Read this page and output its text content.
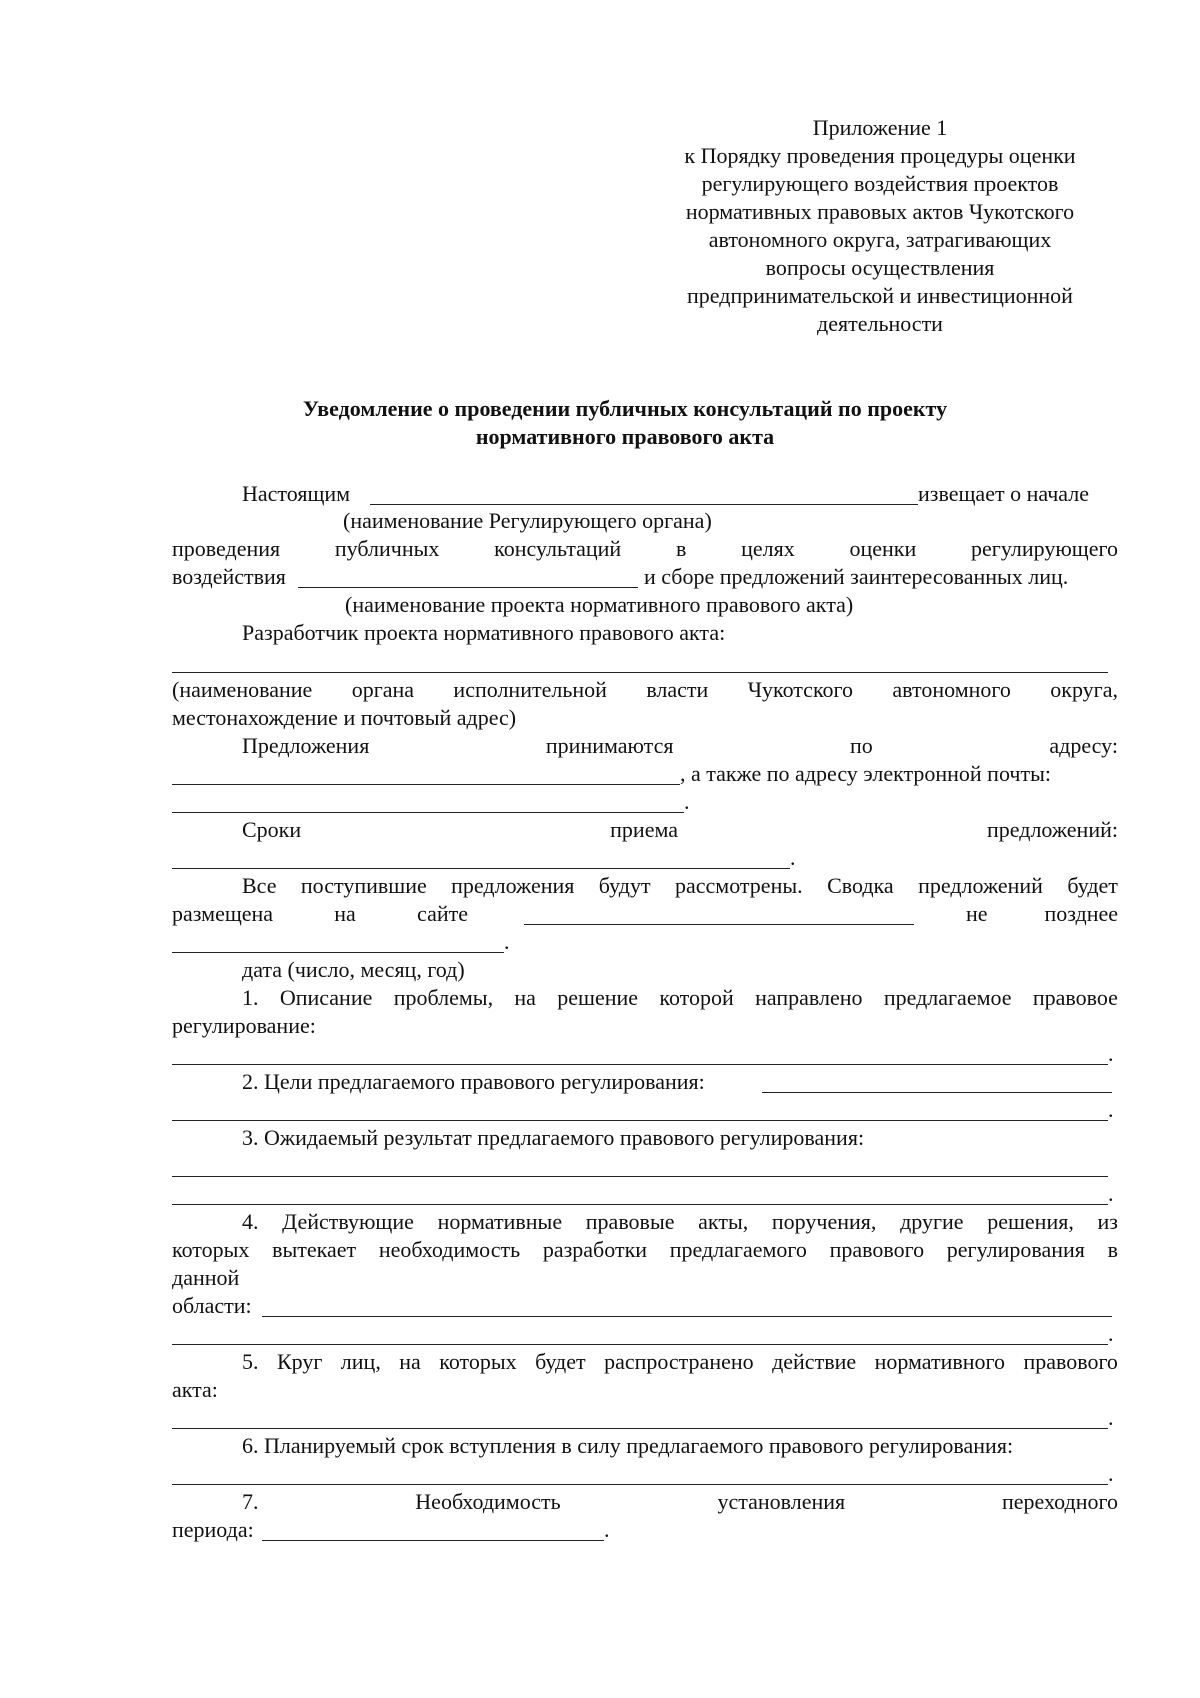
Приложение 1
к Порядку проведения процедуры оценки
регулирующего воздействия проектов
нормативных правовых актов Чукотского
автономного округа, затрагивающих
вопросы осуществления
предпринимательской и инвестиционной
деятельности
Уведомление о проведении публичных консультаций по проекту
нормативного правового акта
Настоящим	извещает о начале
(наименование Регулирующего органа)
проведения публичных консультаций в целях оценки регулирующего
воздействия	и сборе предложений заинтересованных лиц.
(наименование проекта нормативного правового акта)
Разработчик проекта нормативного правового акта:
(наименование органа исполнительной власти Чукотского автономного округа,
местонахождение и почтовый адрес)
Предложения	принимаются	по	адресу:
, а также по адресу электронной почты:
.
Сроки	приема	предложений:
.
Все поступившие предложения будут рассмотрены. Сводка предложений будет
размещена	на	сайте	не	позднее
.
дата (число, месяц, год)
1. Описание проблемы, на решение которой направлено предлагаемое правовое
регулирование:
.
2. Цели предлагаемого правового регулирования:
.
3. Ожидаемый результат предлагаемого правового регулирования:
.
4. Действующие нормативные правовые акты, поручения, другие решения, из
которых вытекает необходимость разработки предлагаемого правового регулирования в
данной
области:
.
5. Круг лиц, на которых будет распространено действие нормативного правового
акта:
.
6. Планируемый срок вступления в силу предлагаемого правового регулирования:
.
7.	Необходимость	установления	переходного
периода:	.
